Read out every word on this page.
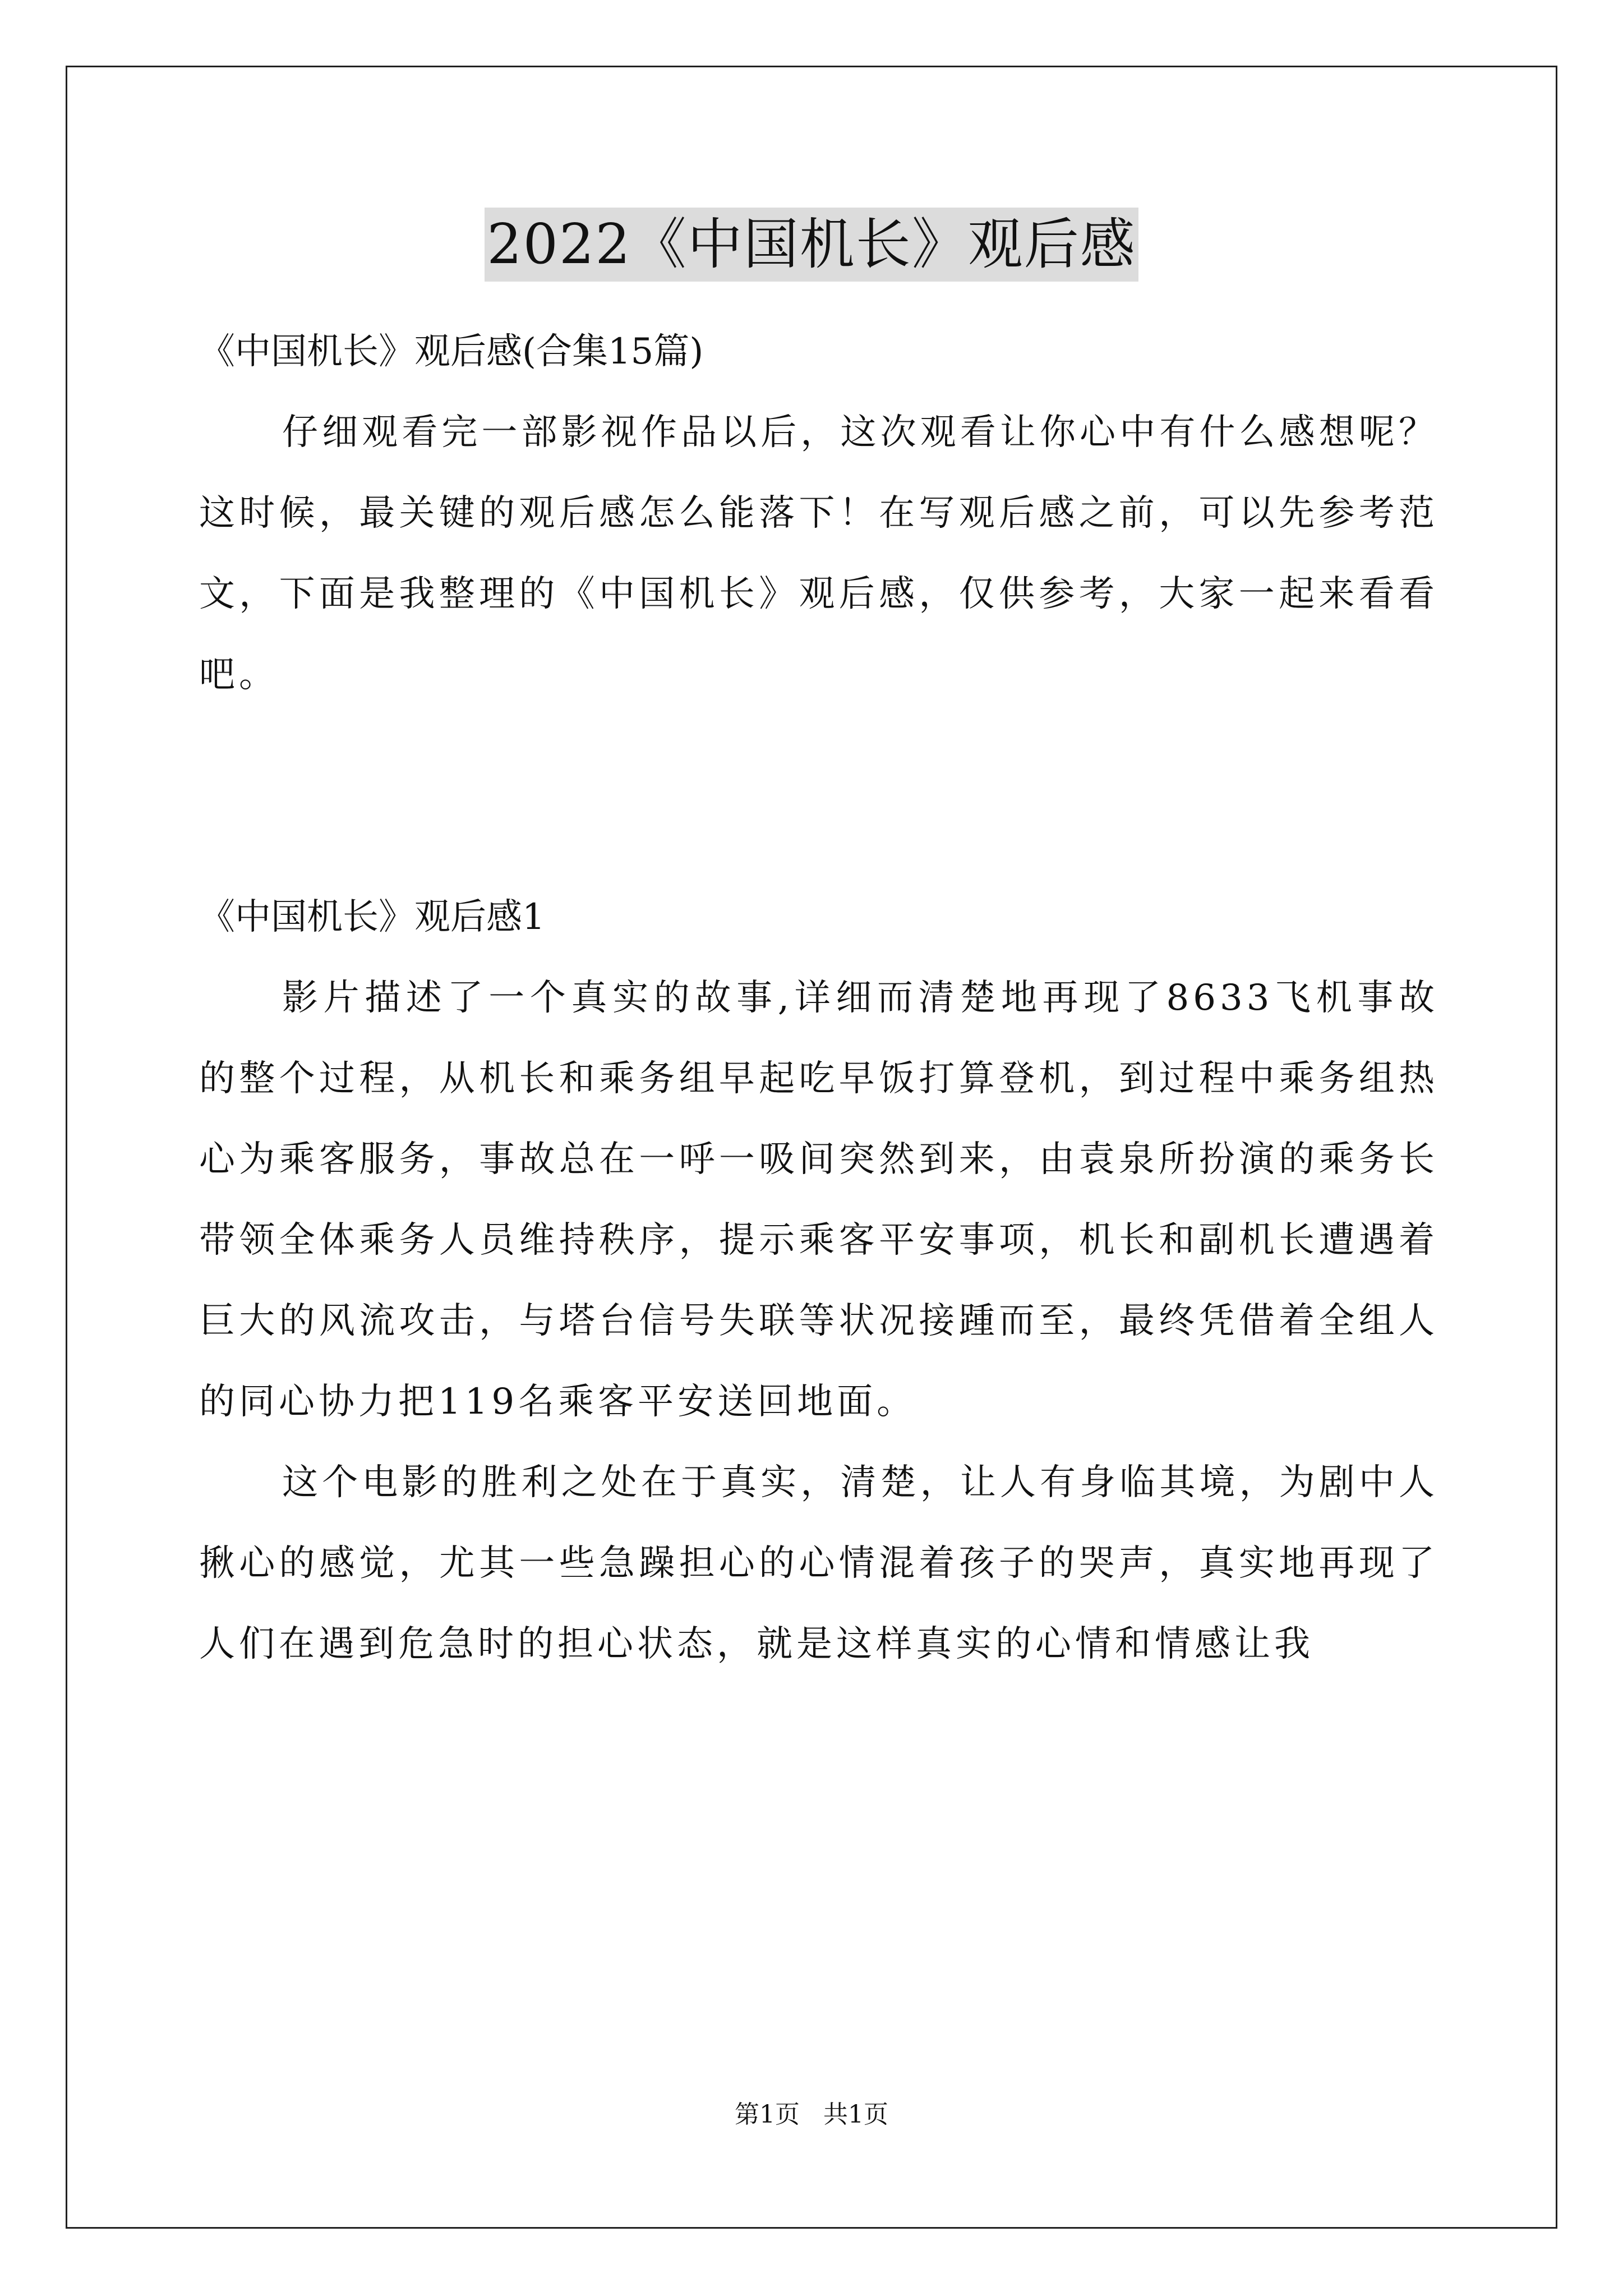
2022《中国机长》观后感

《中国机长》观后感(合集15篇)

仔细观看完一部影视作品以后，这次观看让你心中有什么感想呢？这时候，最关键的观后感怎么能落下！在写观后感之前，可以先参考范文，下面是我整理的《中国机长》观后感，仅供参考，大家一起来看看吧。

《中国机长》观后感1

影片描述了一个真实的故事,详细而清楚地再现了8633飞机事故的整个过程，从机长和乘务组早起吃早饭打算登机，到过程中乘务组热心为乘客服务，事故总在一呼一吸间突然到来，由袁泉所扮演的乘务长带领全体乘务人员维持秩序，提示乘客平安事项，机长和副机长遭遇着巨大的风流攻击，与塔台信号失联等状况接踵而至，最终凭借着全组人的同心协力把119名乘客平安送回地面。

这个电影的胜利之处在于真实，清楚，让人有身临其境，为剧中人揪心的感觉，尤其一些急躁担心的心情混着孩子的哭声，真实地再现了人们在遇到危急时的担心状态，就是这样真实的心情和情感让我

第1页 共1页
